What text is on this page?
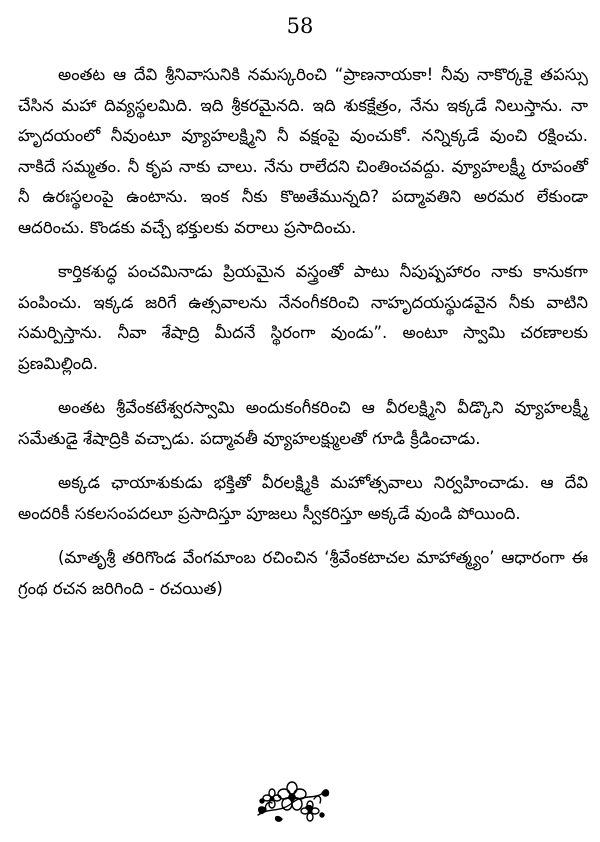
58

అంతట ఆ దేవి శ్రీనివాసునికి నమస్కరించి “ప్రాణనాయకా! నీవు నాకొర్కకై తపస్సు చేసిన మహా దివ్యస్థలమిది. ఇది శ్రీకరమైనది. ఇది శుకక్షేత్రం, నేను ఇక్కడే నిలుస్తాను. నా హృదయంలో నీవుంటూ వ్యూహలక్ష్మిని నీ వక్షంపై వుంచుకో. నన్నిక్కడే వుంచి రక్షించు. నాకిదే సమ్మతం. నీ కృప నాకు చాలు. నేను రాలేదని చింతించవద్దు. వ్యూహలక్ష్మీ రూపంతో నీ ఉరఃస్థలంపై ఉంటాను. ఇంక నీకు కొఱతేమున్నది? పద్మావతిని అరమర లేకుండా ఆదరించు. కొండకు వచ్చే భక్తులకు వరాలు ప్రసాదించు.

కార్తికశుద్ధ పంచమినాడు ప్రియమైన వస్త్రంతో పాటు నీపుష్పహారం నాకు కానుకగా పంపించు. ఇక్కడ జరిగే ఉత్సవాలను నేనంగీకరించి నాహృదయస్థుడవైన నీకు వాటిని సమర్పిస్తాను. నీవా శేషాద్రి మీదనే స్థిరంగా వుండు”. అంటూ స్వామి చరణాలకు ప్రణమిల్లింది.

అంతట శ్రీవేంకటేశ్వరస్వామి అందుకంగీకరించి ఆ వీరలక్ష్మిని వీడ్కొని వ్యూహలక్ష్మీ సమేతుడై శేషాద్రికి వచ్చాడు. పద్మావతీ వ్యూహలక్ష్ములతో గూడి క్రీడించాడు.

అక్కడ ఛాయాశుకుడు భక్తితో వీరలక్ష్మికి మహోత్సవాలు నిర్వహించాడు. ఆ దేవి అందరికీ సకలసంపదలూ ప్రసాదిస్తూ పూజలు స్వీకరిస్తూ అక్కడే వుండి పోయింది.

(మాతృశ్రీ తరిగొండ వేంగమాంబ రచించిన ‘శ్రీవేంకటాచల మాహాత్మ్యం’ ఆధారంగా ఈ గ్రంథ రచన జరిగింది - రచయిత)
